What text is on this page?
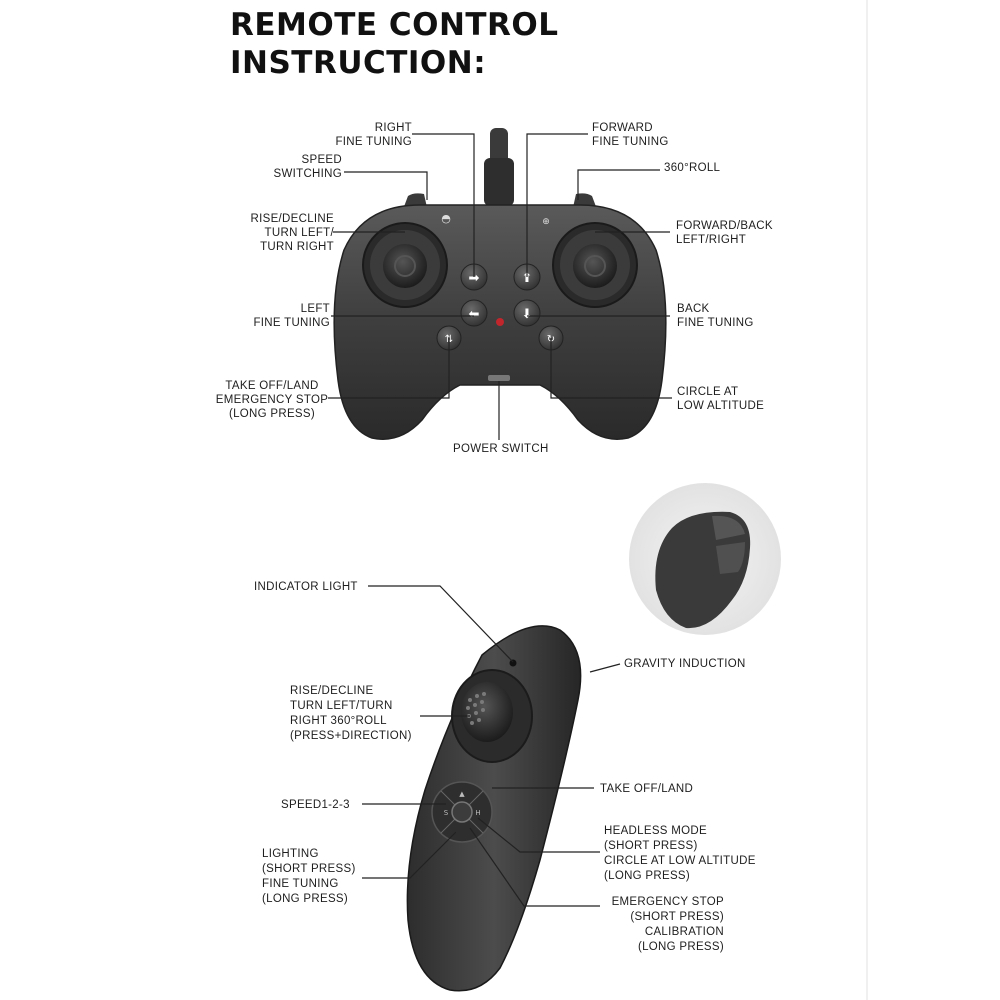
REMOTE CONTROL
INSTRUCTION:
◓	⊕
➡	⬆
⬅	⬇
⇅	↻
▲
S	H
RIGHT
FINE TUNING
FORWARD
FINE TUNING
SPEED
SWITCHING	360°ROLL
RISE/DECLINE
TURN LEFT/
TURN RIGHT
FORWARD/BACK
LEFT/RIGHT
LEFT
FINE TUNING
BACK
FINE TUNING
TAKE OFF/LAND
EMERGENCY STOP
(LONG PRESS)
CIRCLE AT
LOW ALTITUDE
POWER SWITCH
INDICATOR LIGHT
GRAVITY INDUCTION
RISE/DECLINE
TURN LEFT/TURN
RIGHT 360°ROLL
(PRESS+DIRECTION)
TAKE OFF/LAND
SPEED1-2-3
HEADLESS MODE
(SHORT PRESS)
CIRCLE AT LOW ALTITUDE
(LONG PRESS)
LIGHTING
(SHORT PRESS)
FINE TUNING
(LONG PRESS)	EMERGENCY STOP
(SHORT PRESS)
CALIBRATION
(LONG PRESS)
